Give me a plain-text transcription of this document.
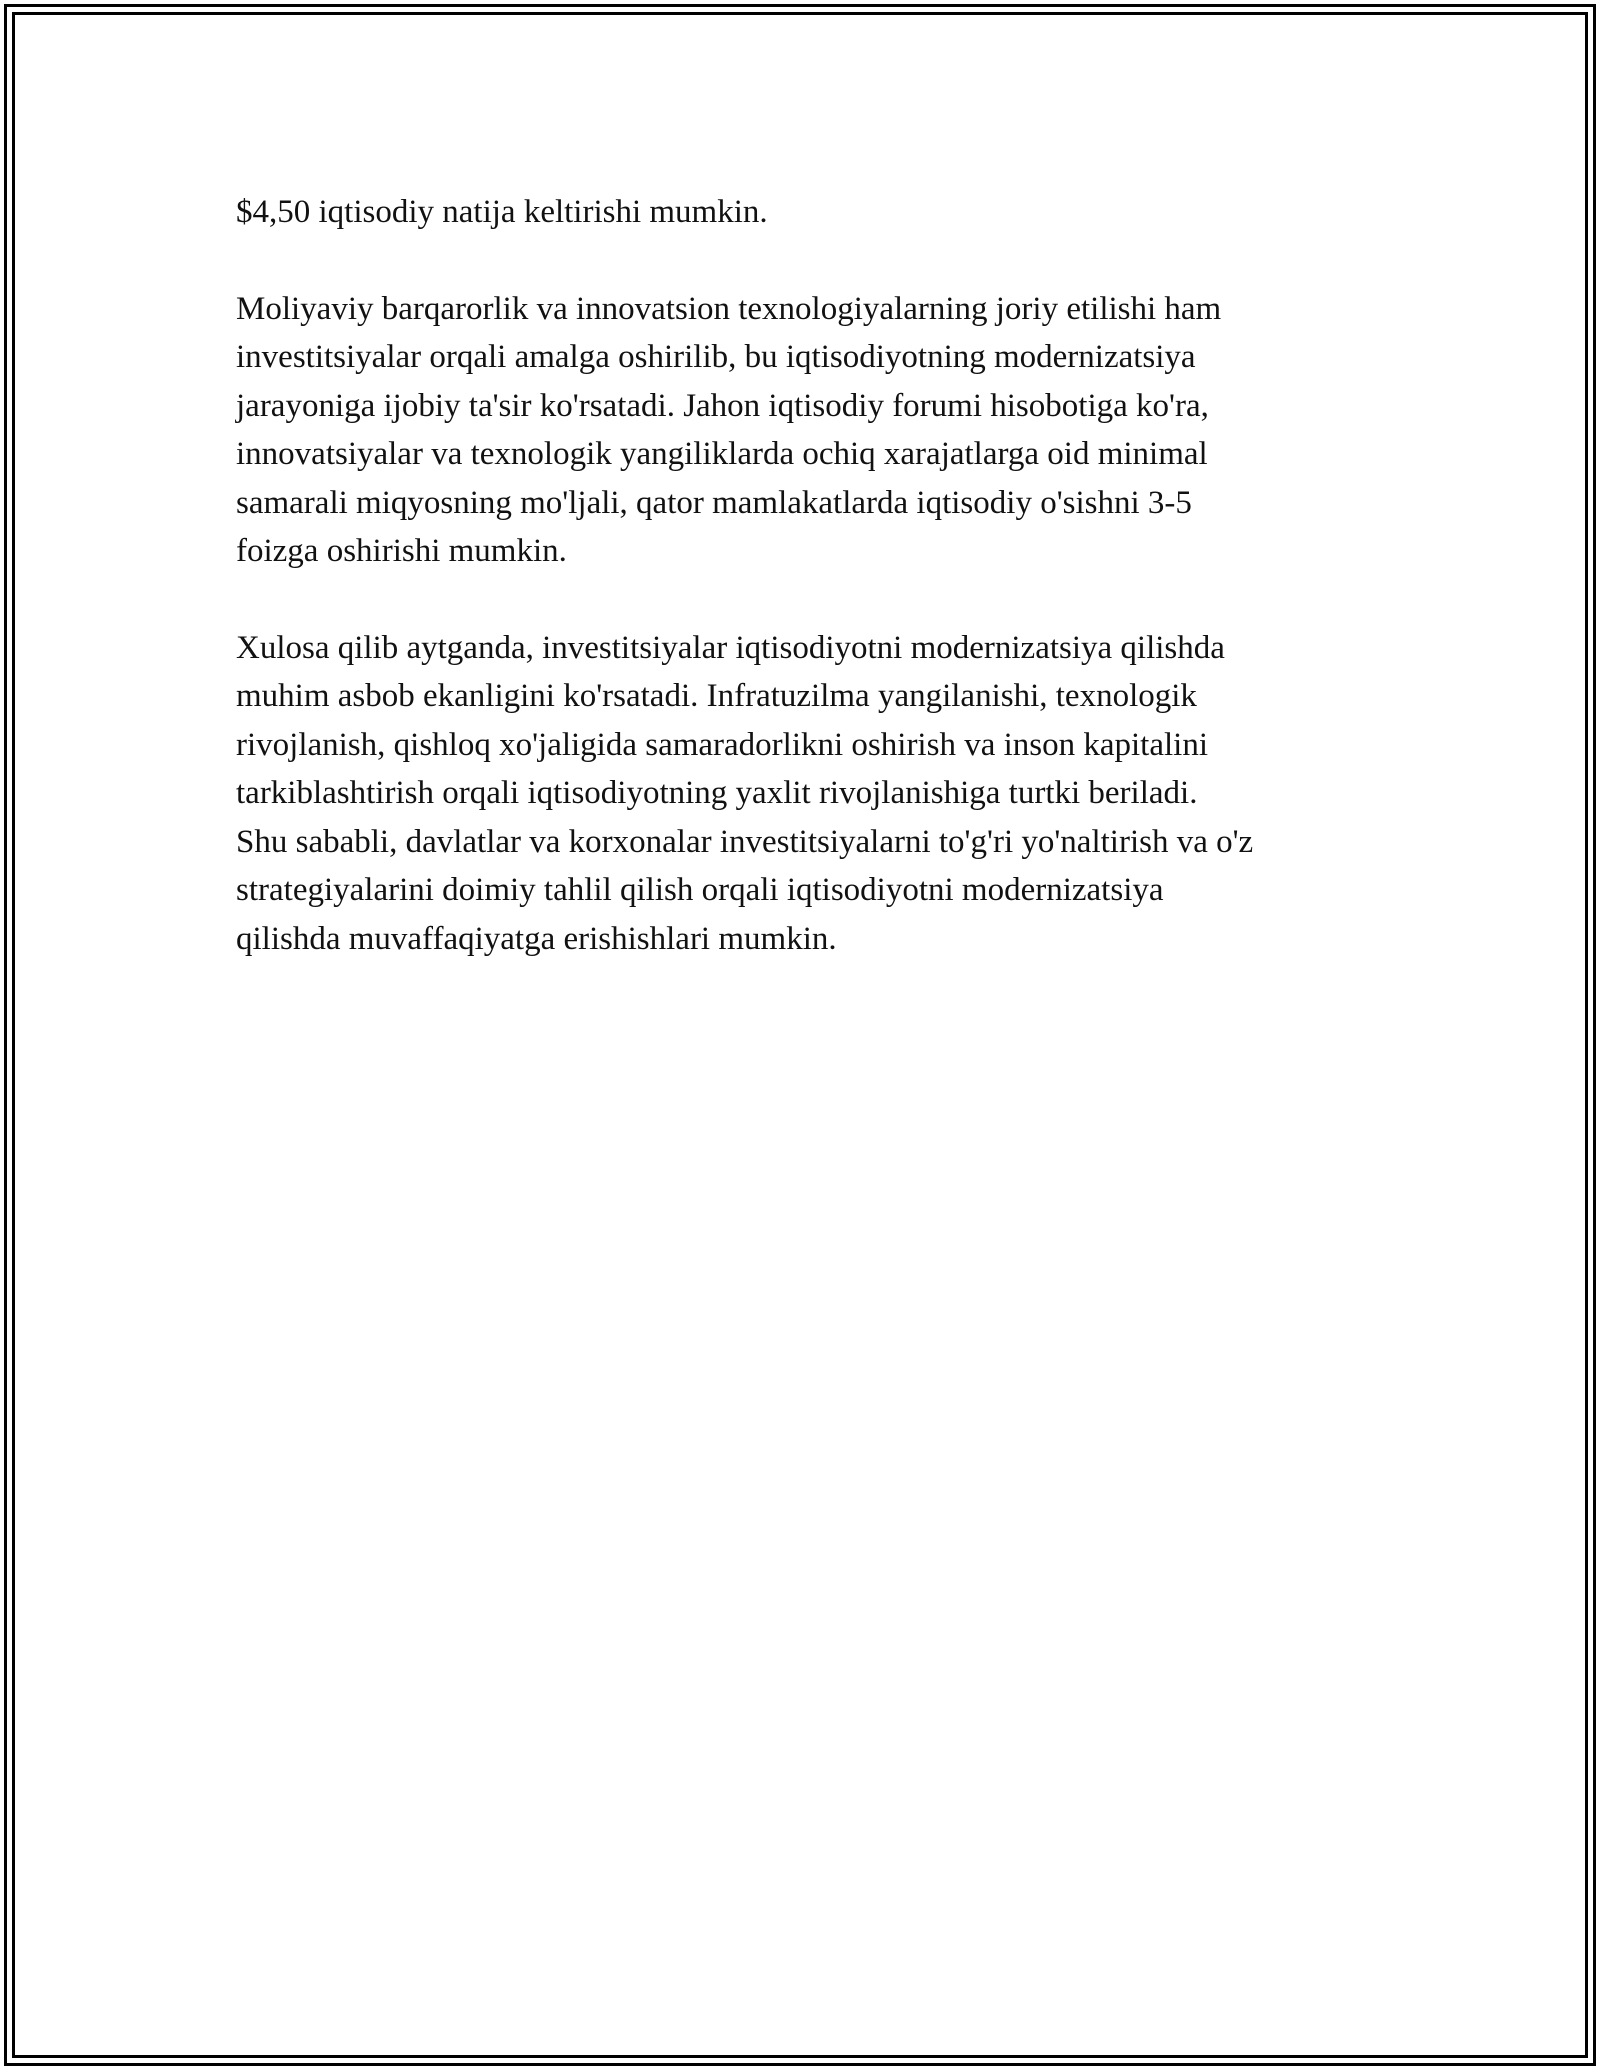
$4,50 iqtisodiy natija keltirishi mumkin.

Moliyaviy barqarorlik va innovatsion texnologiyalarning joriy etilishi ham
investitsiyalar orqali amalga oshirilib, bu iqtisodiyotning modernizatsiya
jarayoniga ijobiy ta'sir ko'rsatadi. Jahon iqtisodiy forumi hisobotiga ko'ra,
innovatsiyalar va texnologik yangiliklarda ochiq xarajatlarga oid minimal
samarali miqyosning mo'ljali, qator mamlakatlarda iqtisodiy o'sishni 3-5
foizga oshirishi mumkin.

Xulosa qilib aytganda, investitsiyalar iqtisodiyotni modernizatsiya qilishda
muhim asbob ekanligini ko'rsatadi. Infratuzilma yangilanishi, texnologik
rivojlanish, qishloq xo'jaligida samaradorlikni oshirish va inson kapitalini
tarkiblashtirish orqali iqtisodiyotning yaxlit rivojlanishiga turtki beriladi.
Shu sababli, davlatlar va korxonalar investitsiyalarni to'g'ri yo'naltirish va o'z
strategiyalarini doimiy tahlil qilish orqali iqtisodiyotni modernizatsiya
qilishda muvaffaqiyatga erishishlari mumkin.
